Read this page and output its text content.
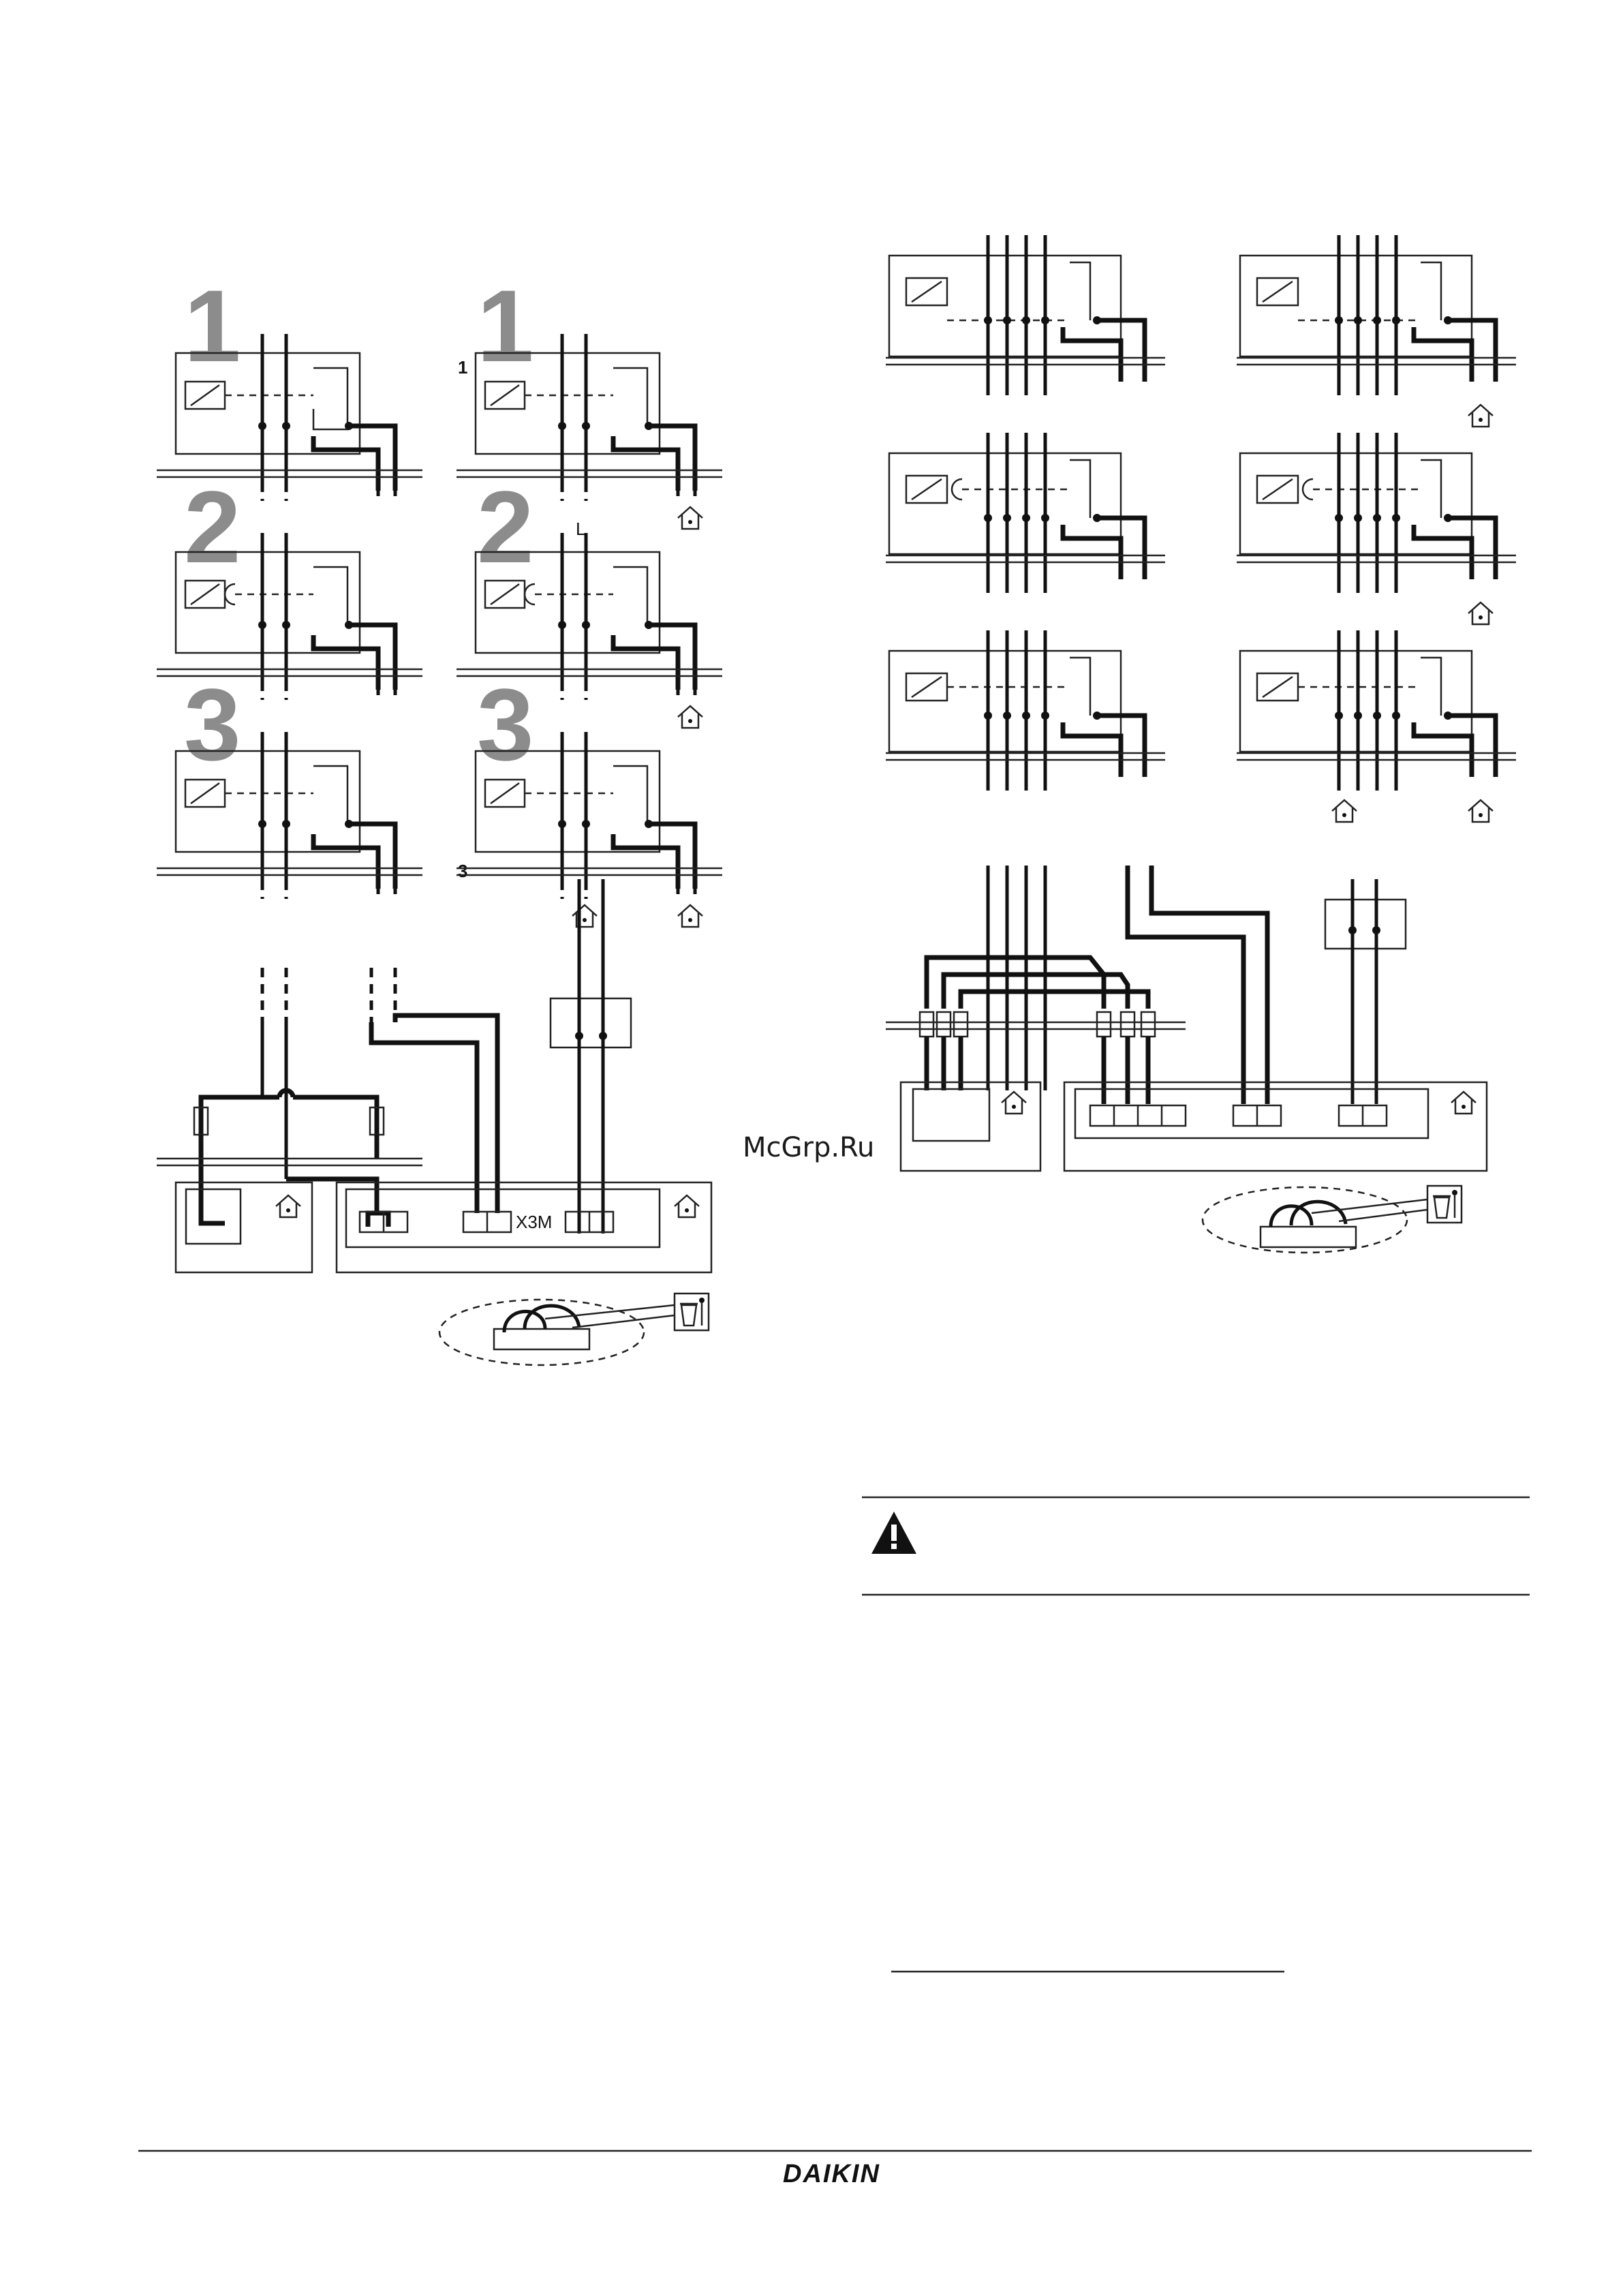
1 1
1
2 2 L
3 3
3
X3M
McGrp.Ru
DAIKIN
